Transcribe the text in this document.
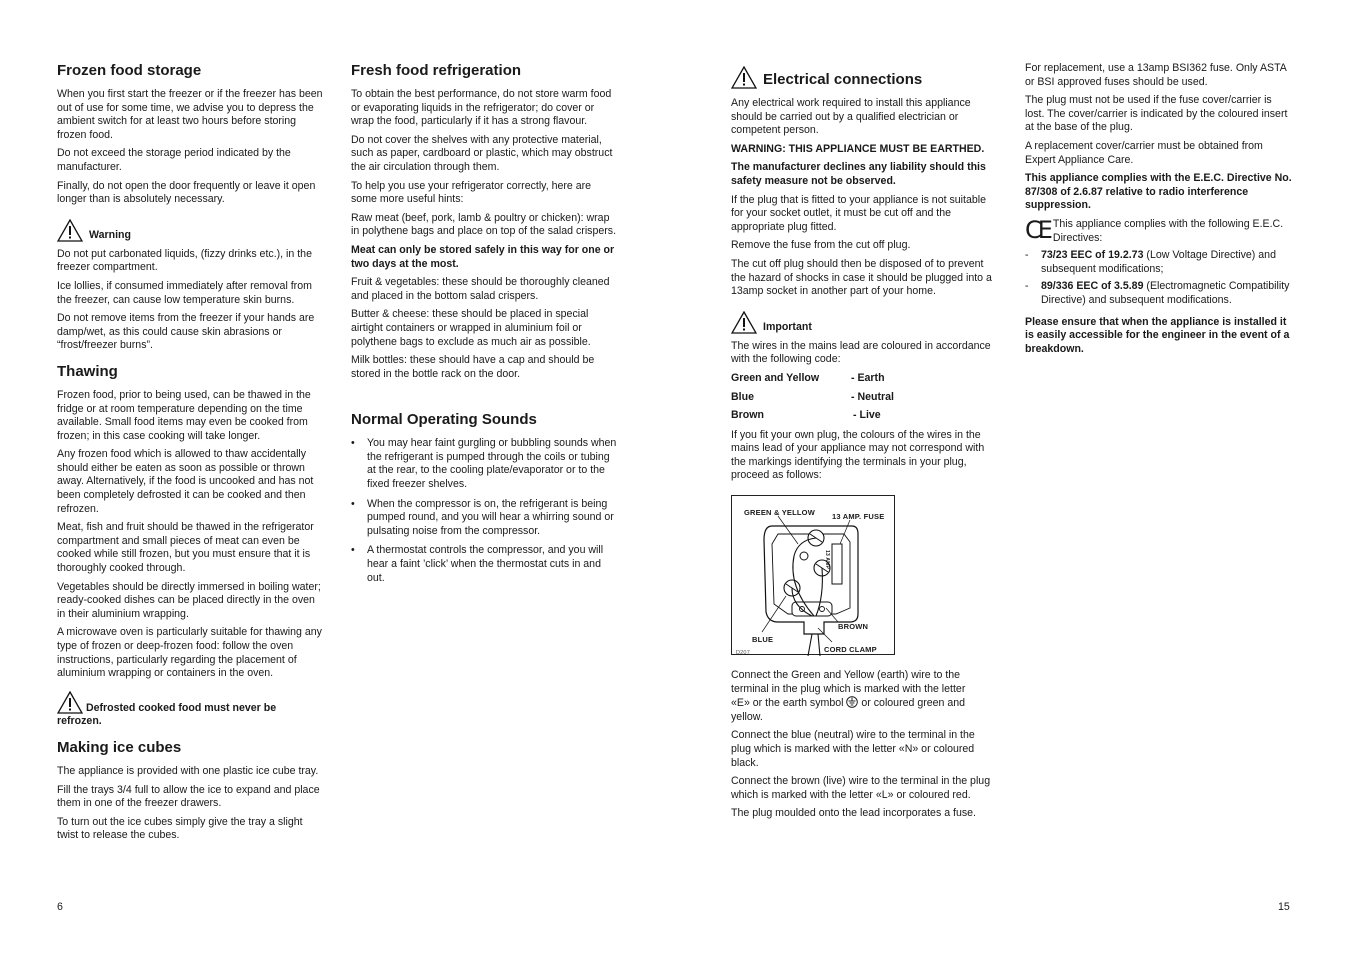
Frozen food storage

When you first start the freezer or if the freezer has been out of use for some time, we advise you to depress the ambient switch for at least two hours before storing frozen food.

Do not exceed the storage period indicated by the manufacturer.

Finally, do not open the door frequently or leave it open longer than is absolutely necessary.

Warning

Do not put carbonated liquids, (fizzy drinks etc.), in the freezer compartment.

Ice lollies, if consumed immediately after removal from the freezer, can cause low temperature skin burns.

Do not remove items from the freezer if your hands are damp/wet, as this could cause skin abrasions or “frost/freezer burns”.

Thawing

Frozen food, prior to being used, can be thawed in the fridge or at room temperature depending on the time available. Small food items may even be cooked from frozen; in this case cooking will take longer.

Any frozen food which is allowed to thaw accidentally should either be eaten as soon as possible or thrown away. Alternatively, if the food is uncooked and has not been completely defrosted it can be cooked and then refrozen.

Meat, fish and fruit should be thawed in the refrigerator compartment and small pieces of meat can even be cooked while still frozen, but you must ensure that it is thoroughly cooked through.

Vegetables should be directly immersed in boiling water; ready-cooked dishes can be placed directly in the oven in their aluminium wrapping.

A microwave oven is particularly suitable for thawing any type of frozen or deep-frozen food: follow the oven instructions, particularly regarding the placement of aluminium wrapping or containers in the oven.

Defrosted cooked food must never be refrozen.
Making ice cubes

The appliance is provided with one plastic ice cube tray.

Fill the trays 3/4 full to allow the ice to expand and place them in one of the freezer drawers.

To turn out the ice cubes simply give the tray a slight twist to release the cubes.

6
Fresh food refrigeration

To obtain the best performance, do not store warm food or evaporating liquids in the refrigerator; do cover or wrap the food, particularly if it has a strong flavour.

Do not cover the shelves with any protective material, such as paper, cardboard or plastic, which may obstruct the air circulation through them.

To help you use your refrigerator correctly, here are some more useful hints:

Raw meat (beef, pork, lamb & poultry or chicken): wrap in polythene bags and place on top of the salad crispers.

Meat can only be stored safely in this way for one or two days at the most.

Fruit & vegetables: these should be thoroughly cleaned and placed in the bottom salad crispers.

Butter & cheese: these should be placed in special airtight containers or wrapped in aluminium foil or polythene bags to exclude as much air as possible.

Milk bottles: these should have a cap and should be stored in the bottle rack on the door.

Normal Operating Sounds
• You may hear faint gurgling or bubbling sounds when the refrigerant is pumped through the coils or tubing at the rear, to the cooling plate/evaporator or to the fixed freezer shelves.
• When the compressor is on, the refrigerant is being pumped round, and you will hear a whirring sound or pulsating noise from the compressor.
• A thermostat controls the compressor, and you will hear a faint ’click’ when the thermostat cuts in and out.
Electrical connections

Any electrical work required to install this appliance should be carried out by a qualified electrician or competent person.

WARNING: THIS APPLIANCE MUST BE EARTHED.

The manufacturer declines any liability should this safety measure not be observed.

If the plug that is fitted to your appliance is not suitable for your socket outlet, it must be cut off and the appropriate plug fitted.

Remove the fuse from the cut off plug.

The cut off plug should then be disposed of to prevent the hazard of shocks in case it should be plugged into a 13amp socket in another part of your home.

Important

The wires in the mains lead are coloured in accordance with the following code:

Green and Yellow	- Earth
Blue	- Neutral
Brown	- Live

If you fit your own plug, the colours of the wires in the mains lead of your appliance may not correspond with the markings identifying the terminals in your plug, proceed as follows:

GREEN & YELLOW 13 AMP. FUSE
13 AMP
BROWN
BLUE
CORD CLAMP
D207

Connect the Green and Yellow (earth) wire to the terminal in the plug which is marked with the letter
«E» or the earth symbol or coloured green and yellow.

Connect the blue (neutral) wire to the terminal in the plug which is marked with the letter «N» or coloured black.

Connect the brown (live) wire to the terminal in the plug which is marked with the letter «L» or coloured red.

The plug moulded onto the lead incorporates a fuse.

For replacement, use a 13amp BSI362 fuse. Only ASTA or BSI approved fuses should be used.

The plug must not be used if the fuse cover/carrier is lost. The cover/carrier is indicated by the coloured insert at the base of the plug.

A replacement cover/carrier must be obtained from Expert Appliance Care.

This appliance complies with the E.E.C. Directive No. 87/308 of 2.6.87 relative to radio interference suppression.

CE This appliance complies with the following E.E.C. Directives:
- 73/23 EEC of 19.2.73 (Low Voltage Directive) and subsequent modifications;
- 89/336 EEC of 3.5.89 (Electromagnetic Compatibility Directive) and subsequent modifications.

Please ensure that when the appliance is installed it is easily accessible for the engineer in the event of a breakdown.

15
